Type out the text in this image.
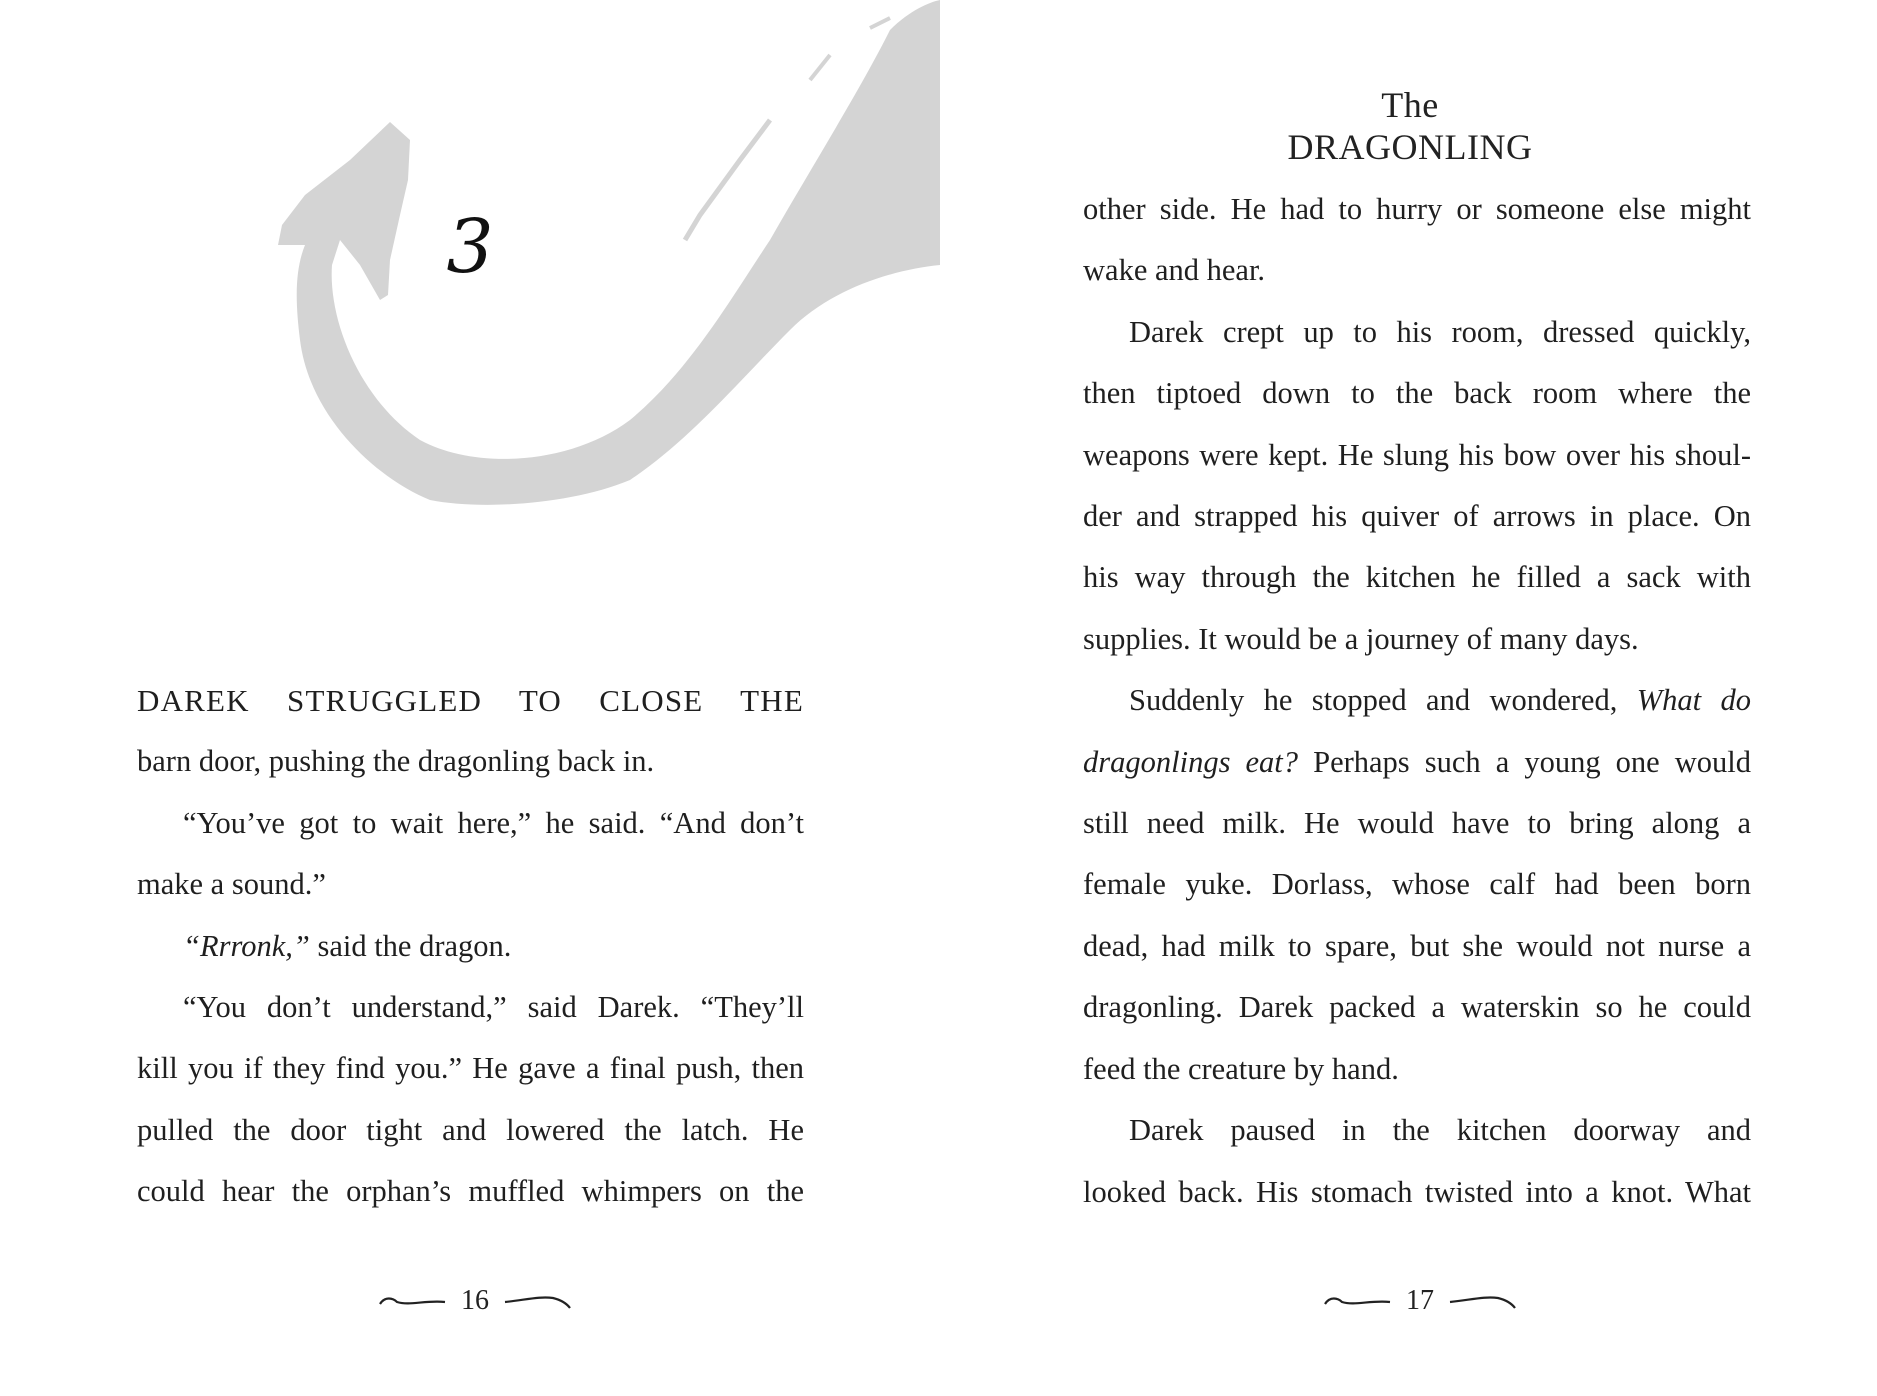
3
The DRAGONLING

DAREK STRUGGLED TO CLOSE THE

barn door, pushing the dragonling back in.

“You’ve got to wait here,” he said. “And don’t

make a sound.”

“Rrronk,” said the dragon.

“You don’t understand,” said Darek. “They’ll

kill you if they find you.” He gave a final push, then

pulled the door tight and lowered the latch. He

could hear the orphan’s muffled whimpers on the

other side. He had to hurry or someone else might

wake and hear.

Darek crept up to his room, dressed quickly,

then tiptoed down to the back room where the

weapons were kept. He slung his bow over his shoul-

der and strapped his quiver of arrows in place. On

his way through the kitchen he filled a sack with

supplies. It would be a journey of many days.

Suddenly he stopped and wondered, What do

dragonlings eat? Perhaps such a young one would

still need milk. He would have to bring along a

female yuke. Dorlass, whose calf had been born

dead, had milk to spare, but she would not nurse a

dragonling. Darek packed a waterskin so he could

feed the creature by hand.

Darek paused in the kitchen doorway and

looked back. His stomach twisted into a knot. What

16	17
